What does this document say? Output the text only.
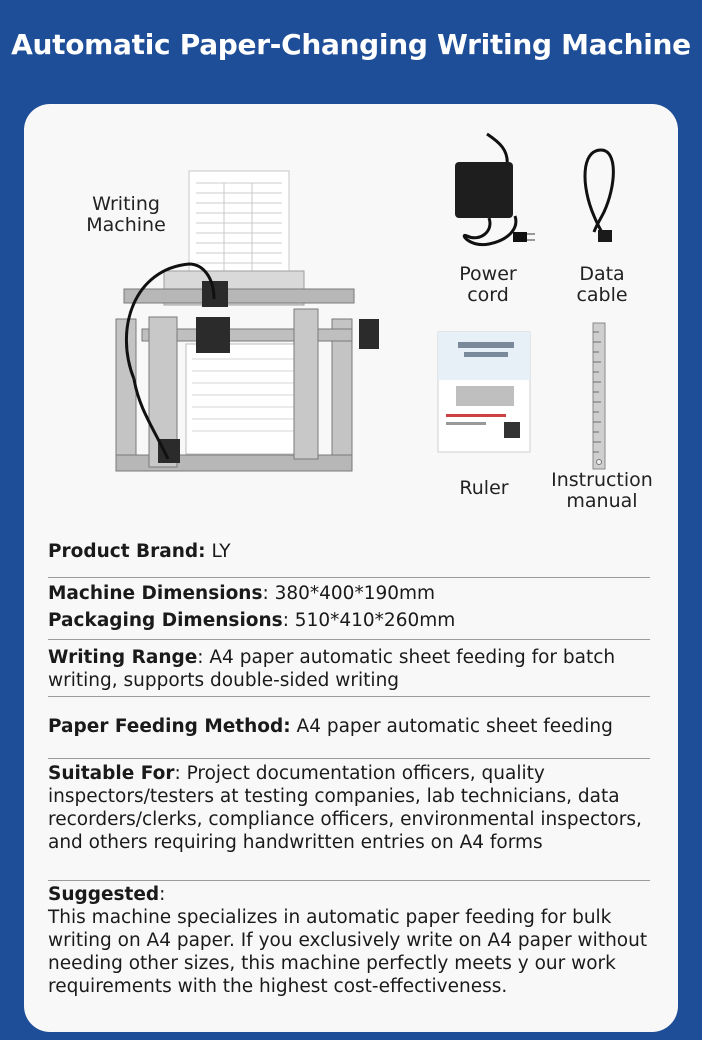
Automatic Paper-Changing Writing Machine
Writing Machine
Power cord
Data cable
Ruler	Instruction manual
Product Brand: LY
Machine Dimensions: 380*400*190mm
Packaging Dimensions: 510*410*260mm
Writing Range: A4 paper automatic sheet feeding for batch writing, supports double-sided writing
Paper Feeding Method: A4 paper automatic sheet feeding
Suitable For: Project documentation officers, quality inspectors/testers at testing companies, lab technicians, data recorders/clerks, compliance officers, environmental inspectors, and others requiring handwritten entries on A4 forms
Suggested:
This machine specializes in automatic paper feeding for bulk writing on A4 paper. If you exclusively write on A4 paper without needing other sizes, this machine perfectly meets y our work requirements with the highest cost-effectiveness.
